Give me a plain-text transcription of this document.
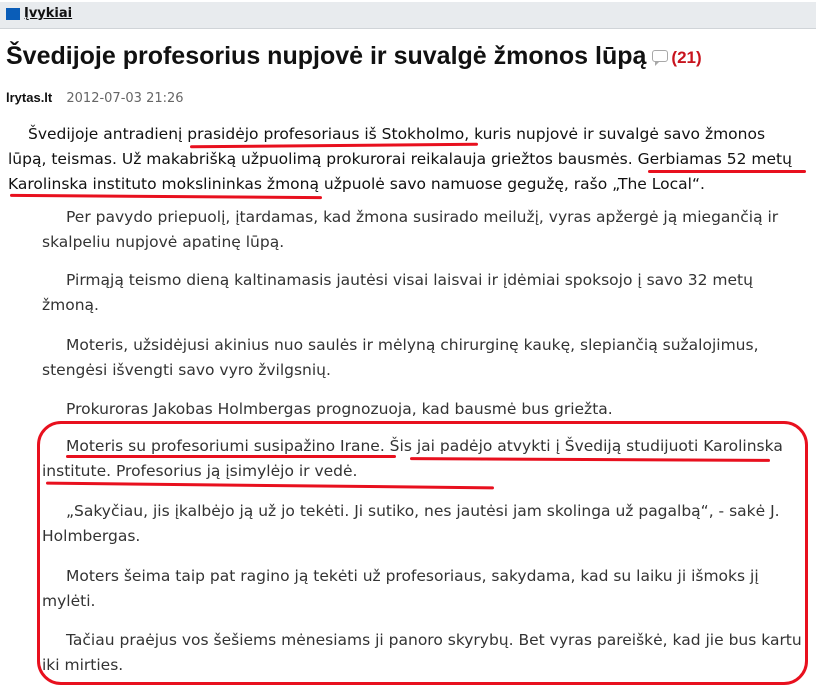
Įvykiai
Švedijoje profesorius nupjovė ir suvalgė žmonos lūpą (21)
lrytas.lt 2012-07-03 21:26

Švedijoje antradienį prasidėjo profesoriaus iš Stokholmo, kuris nupjovė ir suvalgė savo žmonos lūpą, teismas. Už makabrišką užpuolimą prokurorai reikalauja griežtos bausmės. Gerbiamas 52 metų Karolinska instituto mokslininkas žmoną užpuolė savo namuose gegužę, rašo „The Local“.

Per pavydo priepuolį, įtardamas, kad žmona susirado meilužį, vyras apžergė ją miegančią ir skalpeliu nupjovė apatinę lūpą.

Pirmąją teismo dieną kaltinamasis jautėsi visai laisvai ir įdėmiai spoksojo į savo 32 metų žmoną.

Moteris, užsidėjusi akinius nuo saulės ir mėlyną chirurginę kaukę, slepiančią sužalojimus, stengėsi išvengti savo vyro žvilgsnių.

Prokuroras Jakobas Holmbergas prognozuoja, kad bausmė bus griežta.

Moteris su profesoriumi susipažino Irane. Šis jai padėjo atvykti į Švediją studijuoti Karolinska institute. Profesorius ją įsimylėjo ir vedė.

„Sakyčiau, jis įkalbėjo ją už jo tekėti. Ji sutiko, nes jautėsi jam skolinga už pagalbą“, - sakė J. Holmbergas.

Moters šeima taip pat ragino ją tekėti už profesoriaus, sakydama, kad su laiku ji išmoks jį mylėti.

Tačiau praėjus vos šešiems mėnesiams ji panoro skyrybų. Bet vyras pareiškė, kad jie bus kartu iki mirties.
